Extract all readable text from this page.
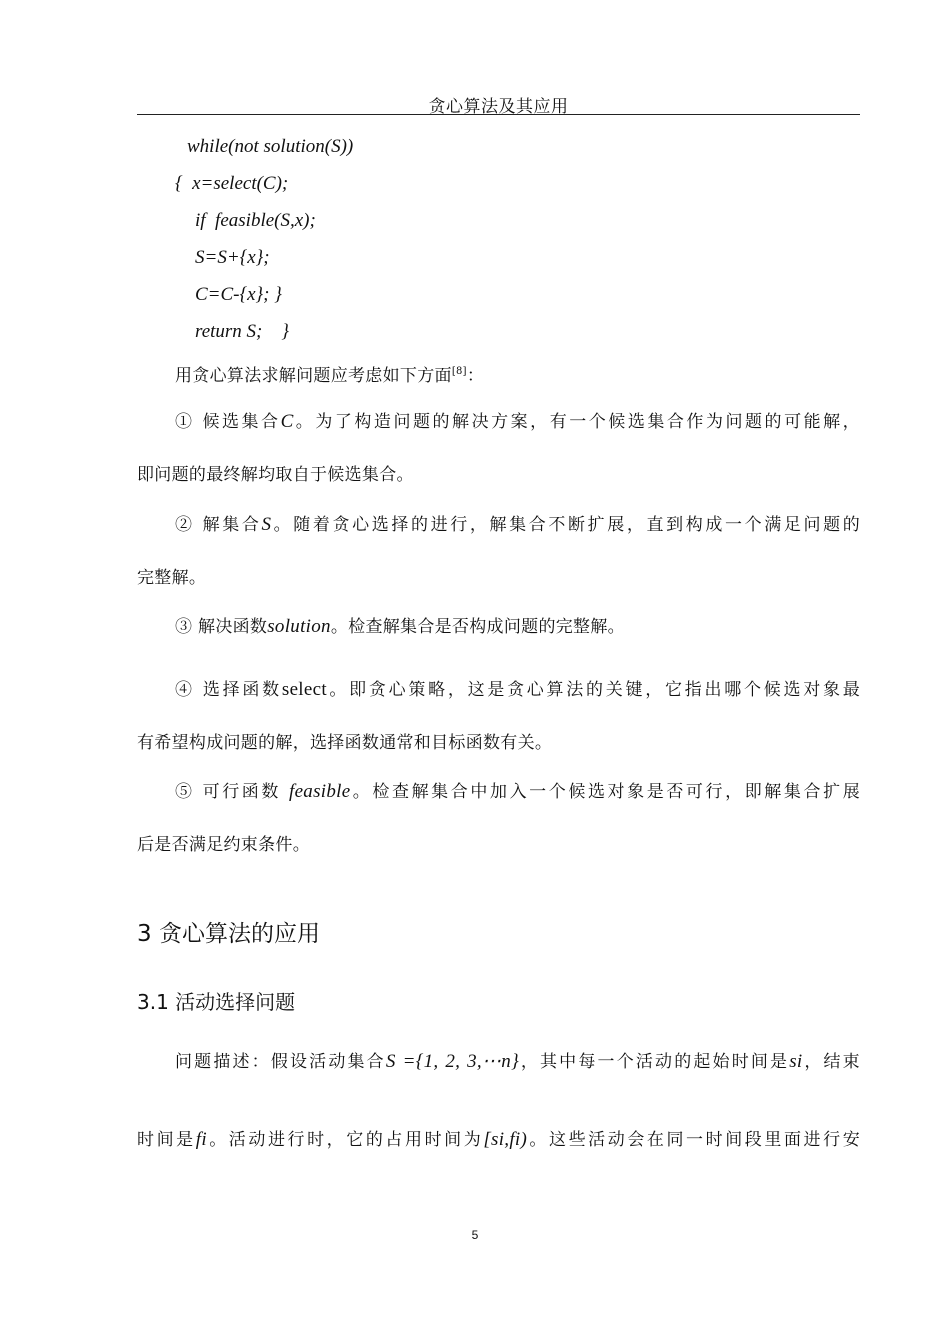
贪心算法及其应用
while(not solution(S))
{  x=select(C);
if  feasible(S,x);
S=S+{x};
C=C-{x}; }
return S;    }
用贪心算法求解问题应考虑如下方面[8]：
① 候选集合C。为了构造问题的解决方案，有一个候选集合作为问题的可能解，
即问题的最终解均取自于候选集合。
② 解集合S。随着贪心选择的进行，解集合不断扩展，直到构成一个满足问题的
完整解。
③ 解决函数solution。检查解集合是否构成问题的完整解。
④ 选择函数select。即贪心策略，这是贪心算法的关键，它指出哪个候选对象最
有希望构成问题的解，选择函数通常和目标函数有关。
⑤ 可行函数 feasible。检查解集合中加入一个候选对象是否可行，即解集合扩展
后是否满足约束条件。
3 贪心算法的应用
3.1 活动选择问题
问题描述：假设活动集合S ={1, 2, 3,⋯n}，其中每一个活动的起始时间是si，结束
时间是fi。活动进行时，它的占用时间为[si,fi)。这些活动会在同一时间段里面进行安
5
